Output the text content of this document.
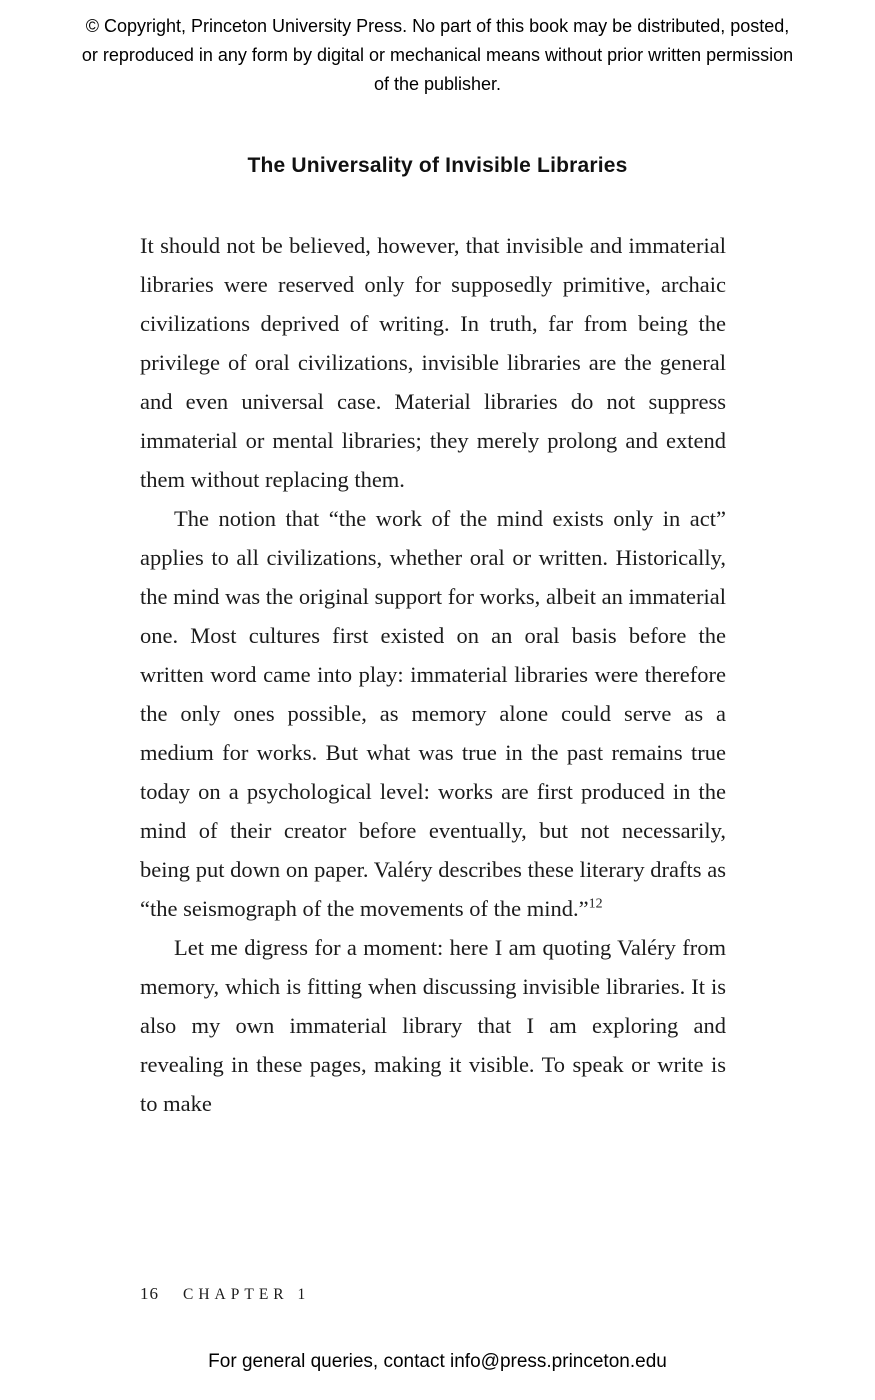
© Copyright, Princeton University Press. No part of this book may be distributed, posted, or reproduced in any form by digital or mechanical means without prior written permission of the publisher.

The Universality of Invisible Libraries

It should not be believed, however, that invisible and immaterial libraries were reserved only for supposedly primitive, archaic civilizations deprived of writing. In truth, far from being the privilege of oral civilizations, invisible libraries are the general and even universal case. Material libraries do not suppress immaterial or mental libraries; they merely prolong and extend them without replacing them.

The notion that “the work of the mind exists only in act” applies to all civilizations, whether oral or written. Historically, the mind was the original support for works, albeit an immaterial one. Most cultures first existed on an oral basis before the written word came into play: immaterial libraries were therefore the only ones possible, as memory alone could serve as a medium for works. But what was true in the past remains true today on a psychological level: works are first produced in the mind of their creator before eventually, but not necessarily, being put down on paper. Valéry describes these literary drafts as “the seismograph of the movements of the mind.”$^{12}$

Let me digress for a moment: here I am quoting Valéry from memory, which is fitting when discussing invisible libraries. It is also my own immaterial library that I am exploring and revealing in these pages, making it visible. To speak or write is to make

16 CHAPTER 1

For general queries, contact info@press.princeton.edu
